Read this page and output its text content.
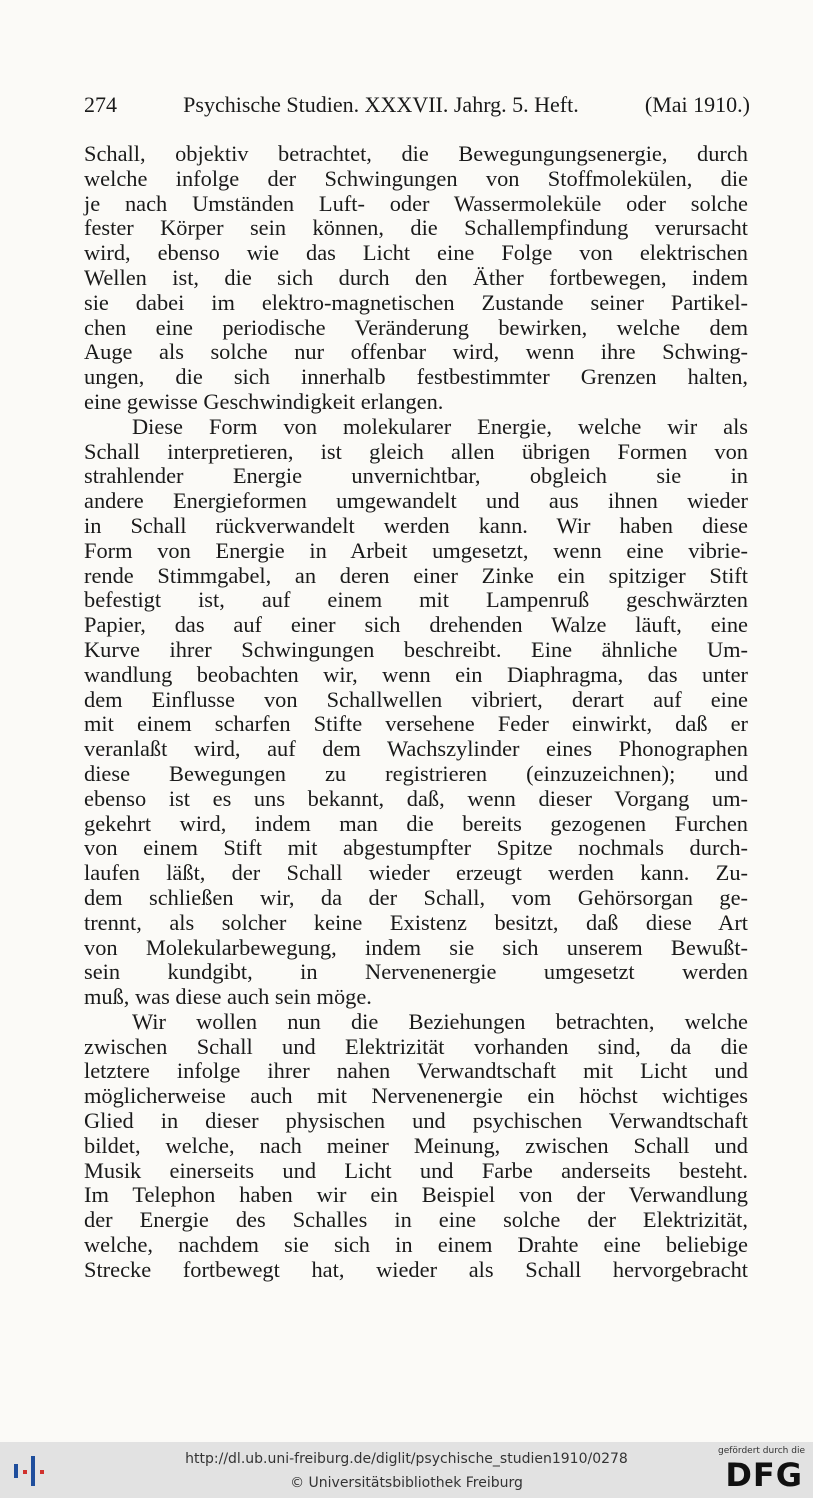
274	Psychische Studien. XXXVII. Jahrg. 5. Heft.	(Mai 1910.)
Schall, objektiv betrachtet, die Bewegungungsenergie, durch
welche infolge der Schwingungen von Stoffmolekülen, die
je nach Umständen Luft- oder Wassermoleküle oder solche
fester Körper sein können, die Schallempfindung verursacht
wird, ebenso wie das Licht eine Folge von elektrischen
Wellen ist, die sich durch den Äther fortbewegen, indem
sie dabei im elektro-magnetischen Zustande seiner Partikel-
chen eine periodische Veränderung bewirken, welche dem
Auge als solche nur offenbar wird, wenn ihre Schwing-
ungen, die sich innerhalb festbestimmter Grenzen halten,
eine gewisse Geschwindigkeit erlangen.
Diese Form von molekularer Energie, welche wir als
Schall interpretieren, ist gleich allen übrigen Formen von
strahlender Energie unvernichtbar, obgleich sie in
andere Energieformen umgewandelt und aus ihnen wieder
in Schall rückverwandelt werden kann. Wir haben diese
Form von Energie in Arbeit umgesetzt, wenn eine vibrie-
rende Stimmgabel, an deren einer Zinke ein spitziger Stift
befestigt ist, auf einem mit Lampenruß geschwärzten
Papier, das auf einer sich drehenden Walze läuft, eine
Kurve ihrer Schwingungen beschreibt. Eine ähnliche Um-
wandlung beobachten wir, wenn ein Diaphragma, das unter
dem Einflusse von Schallwellen vibriert, derart auf eine
mit einem scharfen Stifte versehene Feder einwirkt, daß er
veranlaßt wird, auf dem Wachszylinder eines Phonographen
diese Bewegungen zu registrieren (einzuzeichnen); und
ebenso ist es uns bekannt, daß, wenn dieser Vorgang um-
gekehrt wird, indem man die bereits gezogenen Furchen
von einem Stift mit abgestumpfter Spitze nochmals durch-
laufen läßt, der Schall wieder erzeugt werden kann. Zu-
dem schließen wir, da der Schall, vom Gehörsorgan ge-
trennt, als solcher keine Existenz besitzt, daß diese Art
von Molekularbewegung, indem sie sich unserem Bewußt-
sein kundgibt, in Nervenenergie umgesetzt werden
muß, was diese auch sein möge.
Wir wollen nun die Beziehungen betrachten, welche
zwischen Schall und Elektrizität vorhanden sind, da die
letztere infolge ihrer nahen Verwandtschaft mit Licht und
möglicherweise auch mit Nervenenergie ein höchst wichtiges
Glied in dieser physischen und psychischen Verwandtschaft
bildet, welche, nach meiner Meinung, zwischen Schall und
Musik einerseits und Licht und Farbe anderseits besteht.
Im Telephon haben wir ein Beispiel von der Verwandlung
der Energie des Schalles in eine solche der Elektrizität,
welche, nachdem sie sich in einem Drahte eine beliebige
Strecke fortbewegt hat, wieder als Schall hervorgebracht
http://dl.ub.uni-freiburg.de/diglit/psychische_studien1910/0278
© Universitätsbibliothek Freiburg
gefördert durch die
DFG
